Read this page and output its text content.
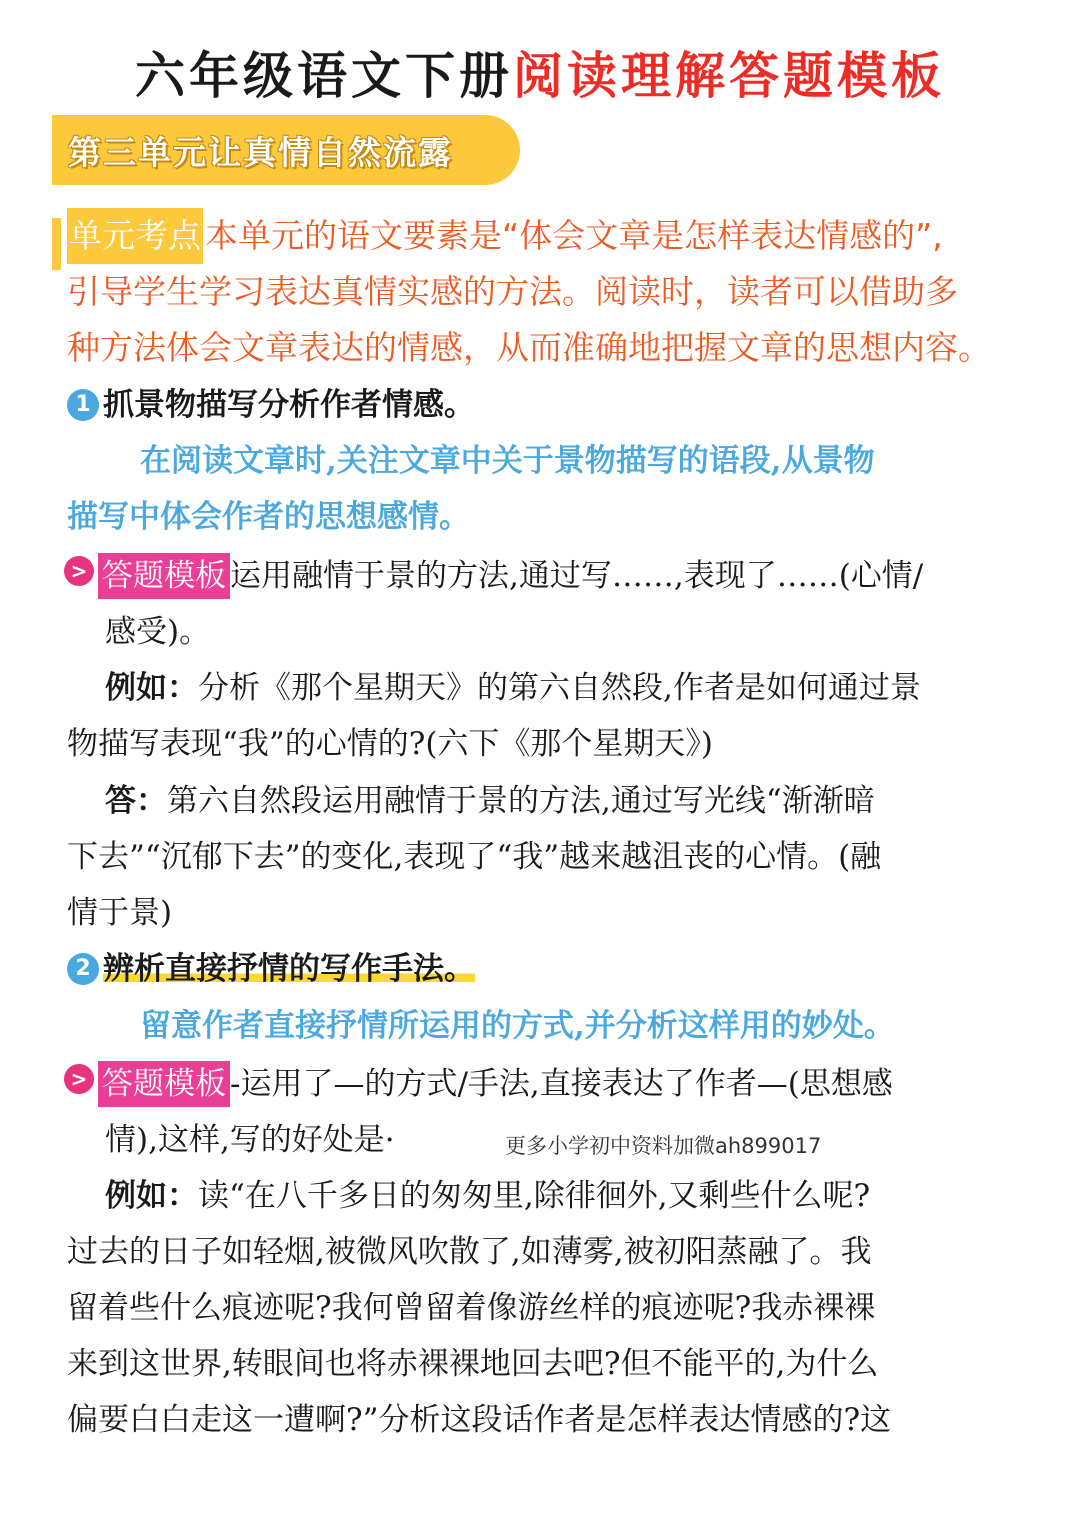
六年级语文下册阅读理解答题模板
第三单元让真情自然流露
单元考点 本单元的语文要素是“体会文章是怎样表达情感的”,
引导学生学习表达真情实感的方法。阅读时，读者可以借助多
种方法体会文章表达的情感，从而准确地把握文章的思想内容。
1 抓景物描写分析作者情感。
在阅读文章时,关注文章中关于景物描写的语段,从景物
描写中体会作者的思想感情。
> 答题模板 运用融情于景的方法,通过写……,表现了……(心情/
感受)。
例如：分析《那个星期天》的第六自然段,作者是如何通过景
物描写表现“我”的心情的?(六下《那个星期天》)
答：第六自然段运用融情于景的方法,通过写光线“渐渐暗
下去”“沉郁下去”的变化,表现了“我”越来越沮丧的心情。(融
情于景)
2 辨析直接抒情的写作手法。
留意作者直接抒情所运用的方式,并分析这样用的妙处。
> 答题模板 -运用了—的方式/手法,直接表达了作者—(思想感
情),这样,写的好处是·	更多小学初中资料加微ah899017
例如：读“在八千多日的匆匆里,除徘徊外,又剩些什么呢?
过去的日子如轻烟,被微风吹散了,如薄雾,被初阳蒸融了。我
留着些什么痕迹呢?我何曾留着像游丝样的痕迹呢?我赤裸裸
来到这世界,转眼间也将赤裸裸地回去吧?但不能平的,为什么
偏要白白走这一遭啊?”分析这段话作者是怎样表达情感的?这
